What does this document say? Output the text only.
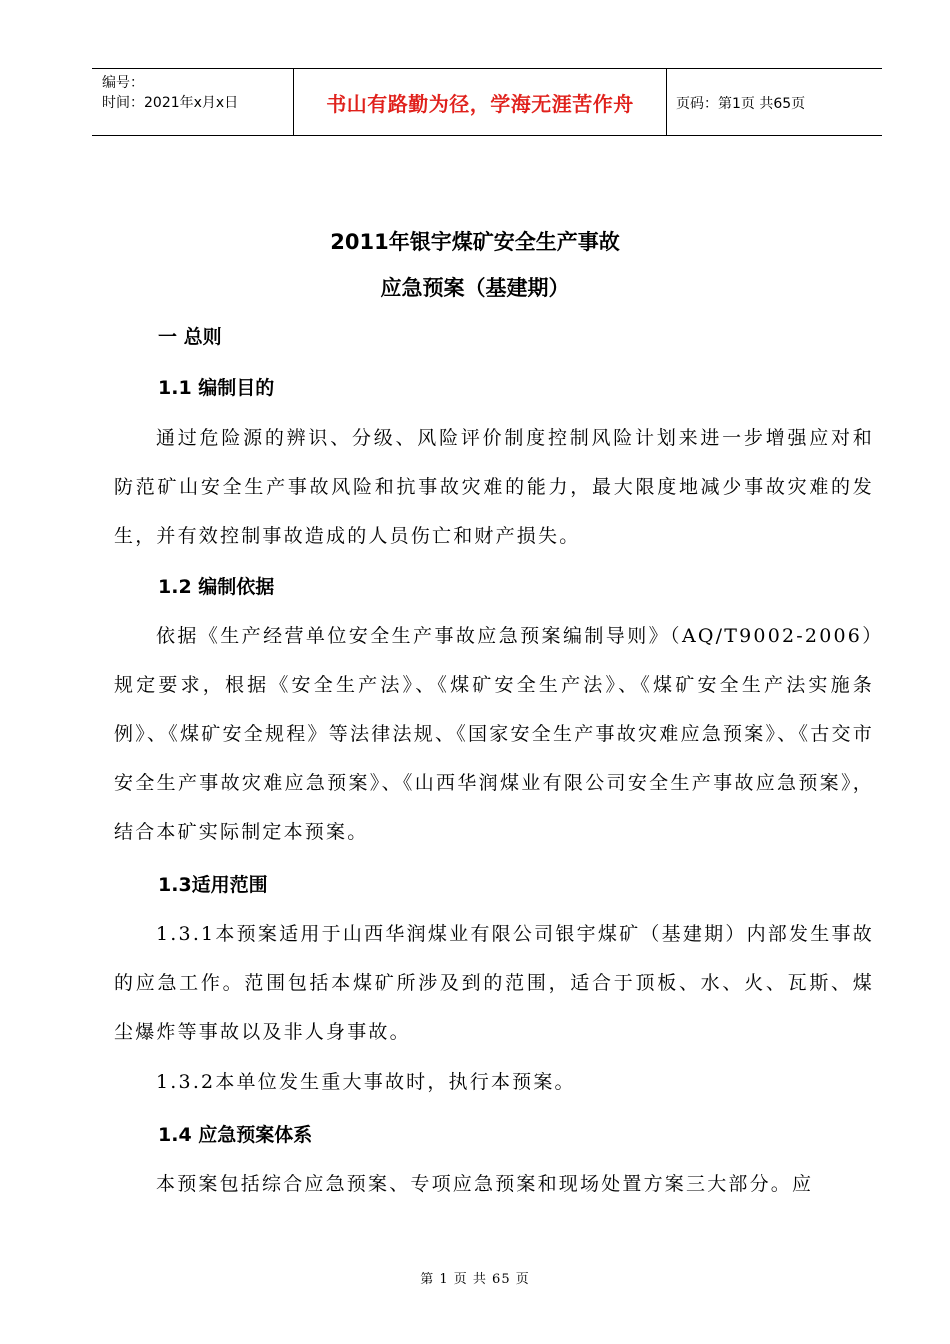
编号：
时间：2021年x月x日	书山有路勤为径，学海无涯苦作舟	页码：第1页 共65页
2011年银宇煤矿安全生产事故
应急预案（基建期）
一 总则
1.1 编制目的
通过危险源的辨识、分级、风险评价制度控制风险计划来进一步增强应对和防范矿山安全生产事故风险和抗事故灾难的能力，最大限度地减少事故灾难的发生，并有效控制事故造成的人员伤亡和财产损失。
1.2 编制依据
依据《生产经营单位安全生产事故应急预案编制导则》（AQ/T9002-2006）规定要求，根据《安全生产法》、《煤矿安全生产法》、《煤矿安全生产法实施条例》、《煤矿安全规程》等法律法规、《国家安全生产事故灾难应急预案》、《古交市安全生产事故灾难应急预案》、《山西华润煤业有限公司安全生产事故应急预案》，结合本矿实际制定本预案。
1.3适用范围
1.3.1本预案适用于山西华润煤业有限公司银宇煤矿（基建期）内部发生事故的应急工作。范围包括本煤矿所涉及到的范围，适合于顶板、水、火、瓦斯、煤尘爆炸等事故以及非人身事故。
1.3.2本单位发生重大事故时，执行本预案。
1.4 应急预案体系
本预案包括综合应急预案、专项应急预案和现场处置方案三大部分。应
第 1 页 共 65 页
